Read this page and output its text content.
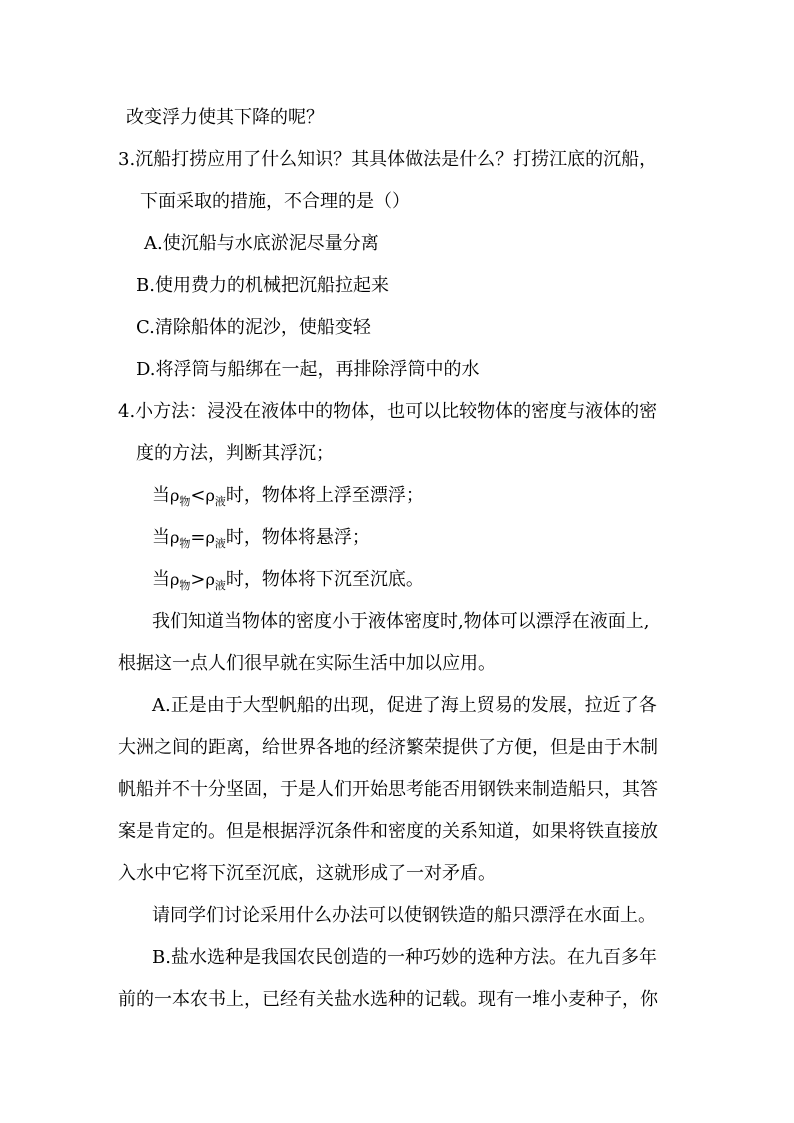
改变浮力使其下降的呢？
3.沉船打捞应用了什么知识？其具体做法是什么？打捞江底的沉船，
下面采取的措施，不合理的是（）
A.使沉船与水底淤泥尽量分离
B.使用费力的机械把沉船拉起来
C.清除船体的泥沙，使船变轻
D.将浮筒与船绑在一起，再排除浮筒中的水
4.小方法：浸没在液体中的物体，也可以比较物体的密度与液体的密
度的方法，判断其浮沉；
当$\rho_物<\rho_液$时，物体将上浮至漂浮；
当$\rho_物=\rho_液$时，物体将悬浮；
当$\rho_物>\rho_液$时，物体将下沉至沉底。
我们知道当物体的密度小于液体密度时,物体可以漂浮在液面上,
根据这一点人们很早就在实际生活中加以应用。
A.正是由于大型帆船的出现，促进了海上贸易的发展，拉近了各
大洲之间的距离，给世界各地的经济繁荣提供了方便，但是由于木制
帆船并不十分坚固，于是人们开始思考能否用钢铁来制造船只，其答
案是肯定的。但是根据浮沉条件和密度的关系知道，如果将铁直接放
入水中它将下沉至沉底，这就形成了一对矛盾。
请同学们讨论采用什么办法可以使钢铁造的船只漂浮在水面上。
B.盐水选种是我国农民创造的一种巧妙的选种方法。在九百多年
前的一本农书上，已经有关盐水选种的记载。现有一堆小麦种子，你
